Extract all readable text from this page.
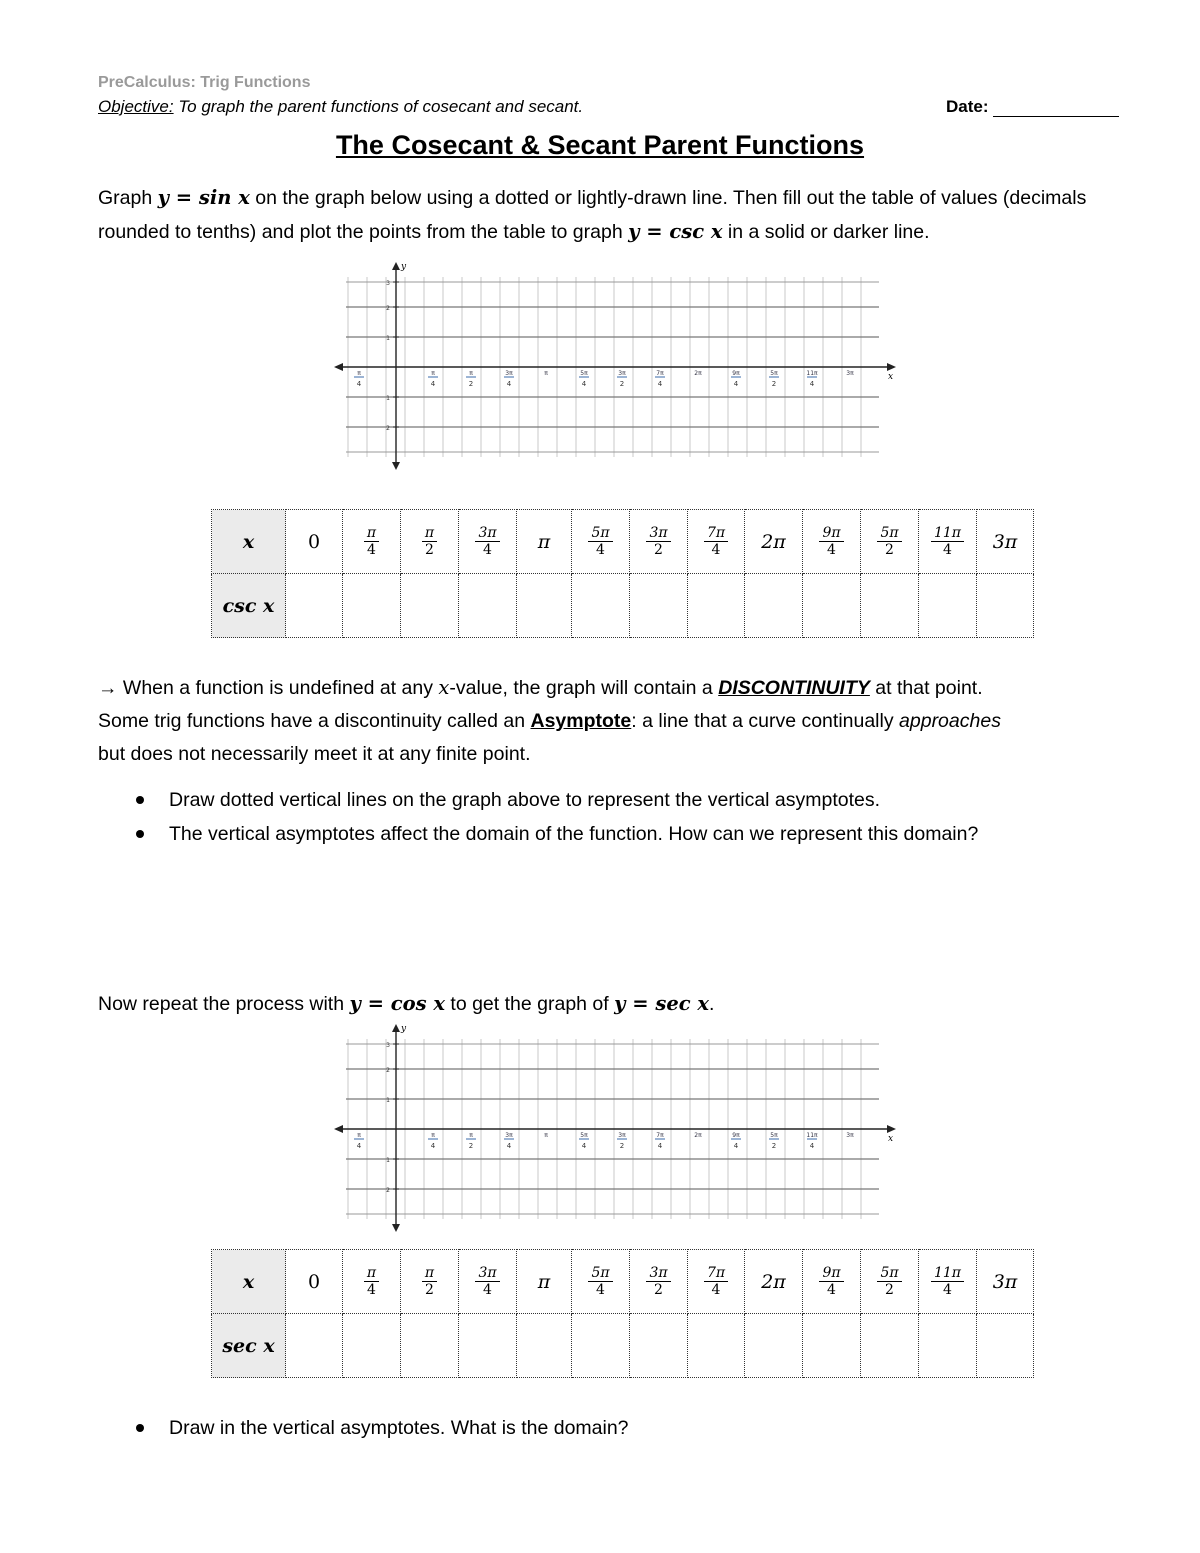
PreCalculus: Trig Functions
Objective: To graph the parent functions of cosecant and secant.	Date:
The Cosecant & Secant Parent Functions
Graph y = sin x on the graph below using a dotted or lightly-drawn line. Then fill out the table of values (decimals rounded to tenths) and plot the points from the table to graph y = csc x in a solid or darker line.
x
y
3
2
1
1
2
π
4
π
4
π
2
3π
4
π	5π
4
3π
2
7π
4
2π	9π
4
5π
2
11π
4
3π
x	0	$\frac{\pi}{4}$	$\frac{\pi}{2}$	$\frac{3\pi}{4}$	π	$\frac{5\pi}{4}$	$\frac{3\pi}{2}$	$\frac{7\pi}{4}$	2π	$\frac{9\pi}{4}$	$\frac{5\pi}{2}$	$\frac{11\pi}{4}$	3π
csc x													
→ When a function is undefined at any x-value, the graph will contain a DISCONTINUITY at that point.
Some trig functions have a discontinuity called an Asymptote: a line that a curve continually approaches
but does not necessarily meet it at any finite point.
Draw dotted vertical lines on the graph above to represent the vertical asymptotes.
The vertical asymptotes affect the domain of the function. How can we represent this domain?
Now repeat the process with y = cos x to get the graph of y = sec x.
x
y
3
2
1
1
2
π
4
π
4
π
2
3π
4
π	5π
4
3π
2
7π
4
2π	9π
4
5π
2
11π
4
3π
x	0	$\frac{\pi}{4}$	$\frac{\pi}{2}$	$\frac{3\pi}{4}$	π	$\frac{5\pi}{4}$	$\frac{3\pi}{2}$	$\frac{7\pi}{4}$	2π	$\frac{9\pi}{4}$	$\frac{5\pi}{2}$	$\frac{11\pi}{4}$	3π
sec x													
Draw in the vertical asymptotes. What is the domain?
